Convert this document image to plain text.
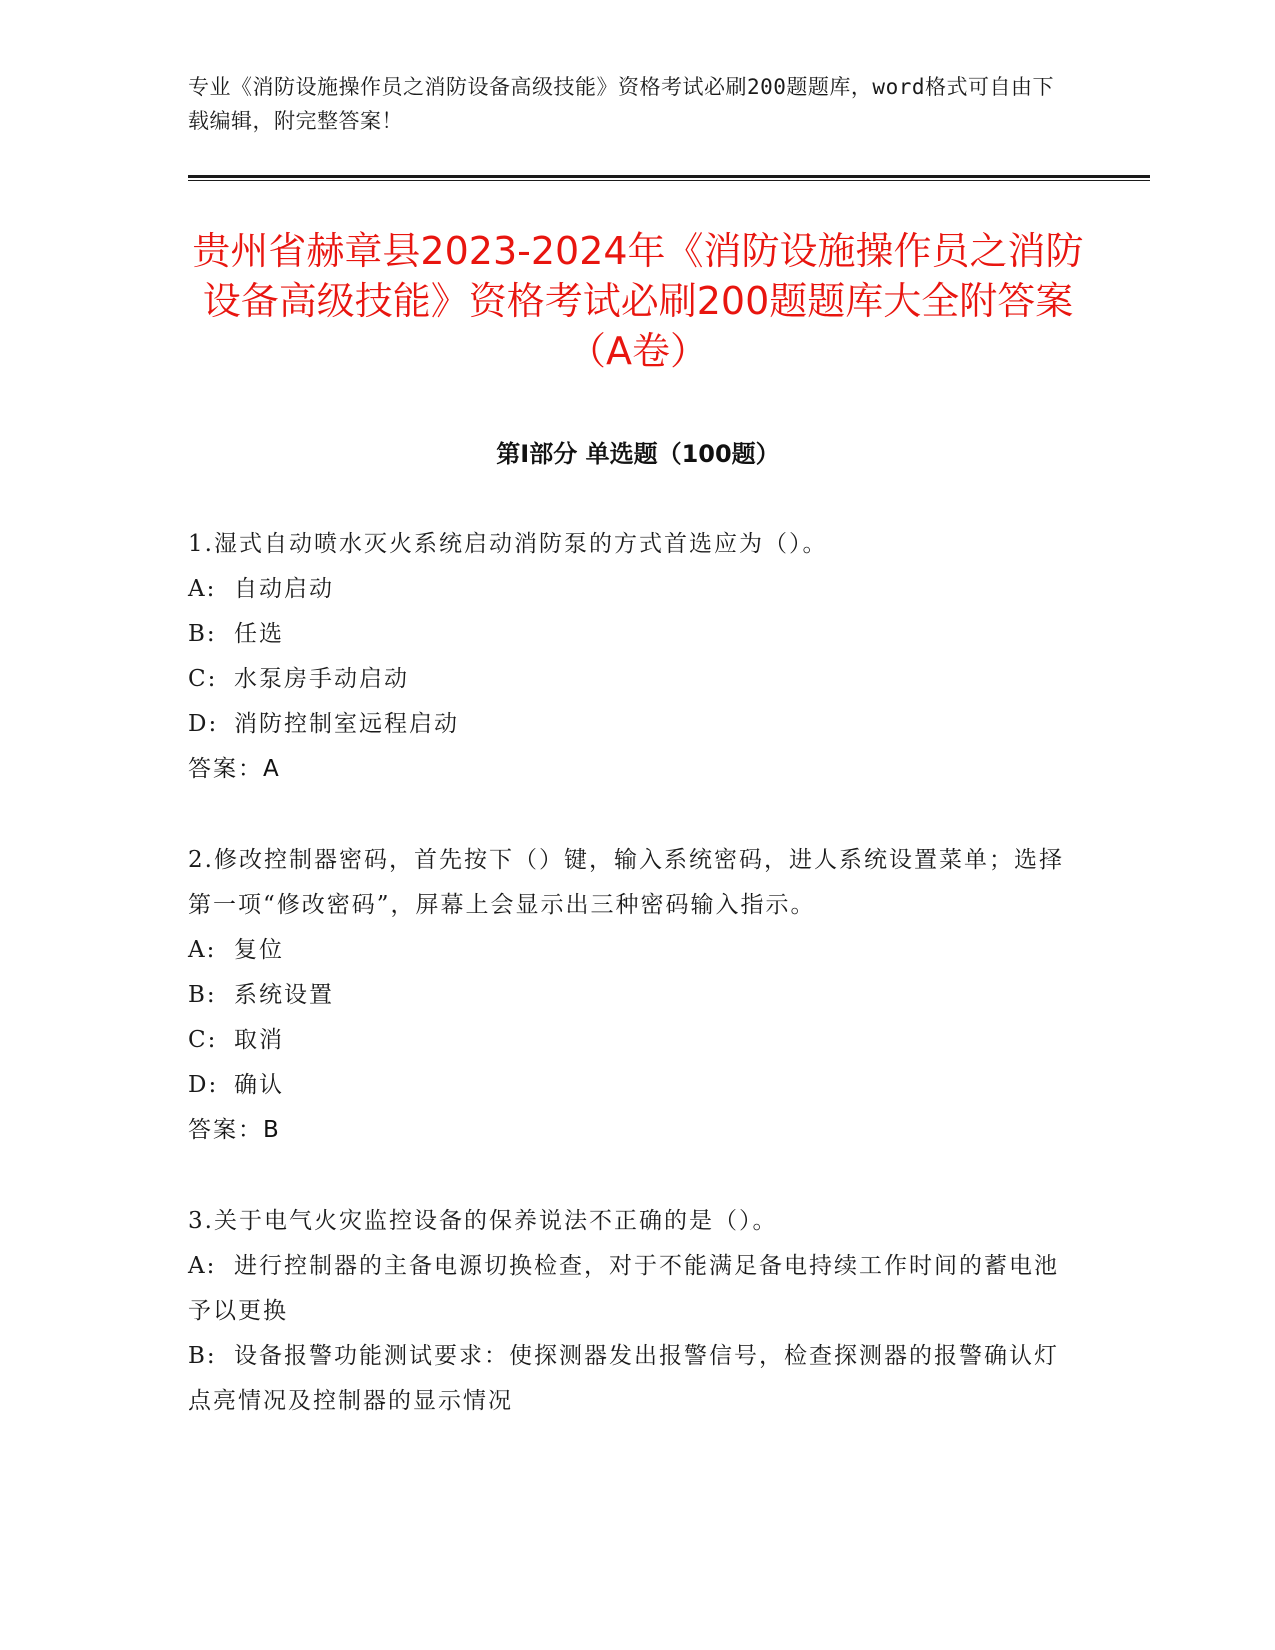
专业《消防设施操作员之消防设备高级技能》资格考试必刷200题题库，word格式可自由下载编辑，附完整答案！
贵州省赫章县2023-2024年《消防设施操作员之消防设备高级技能》资格考试必刷200题题库大全附答案（A卷）
第Ⅰ部分 单选题（100题）
1.湿式自动喷水灭火系统启动消防泵的方式首选应为（）。
A: 自动启动
B: 任选
C: 水泵房手动启动
D: 消防控制室远程启动
答案：A
2.修改控制器密码，首先按下（）键，输入系统密码，进人系统设置菜单；选择第一项“修改密码”，屏幕上会显示出三种密码输入指示。
A: 复位
B: 系统设置
C: 取消
D: 确认
答案：B
3.关于电气火灾监控设备的保养说法不正确的是（）。
A: 进行控制器的主备电源切换检查，对于不能满足备电持续工作时间的蓄电池予以更换
B: 设备报警功能测试要求：使探测器发出报警信号，检查探测器的报警确认灯点亮情况及控制器的显示情况
